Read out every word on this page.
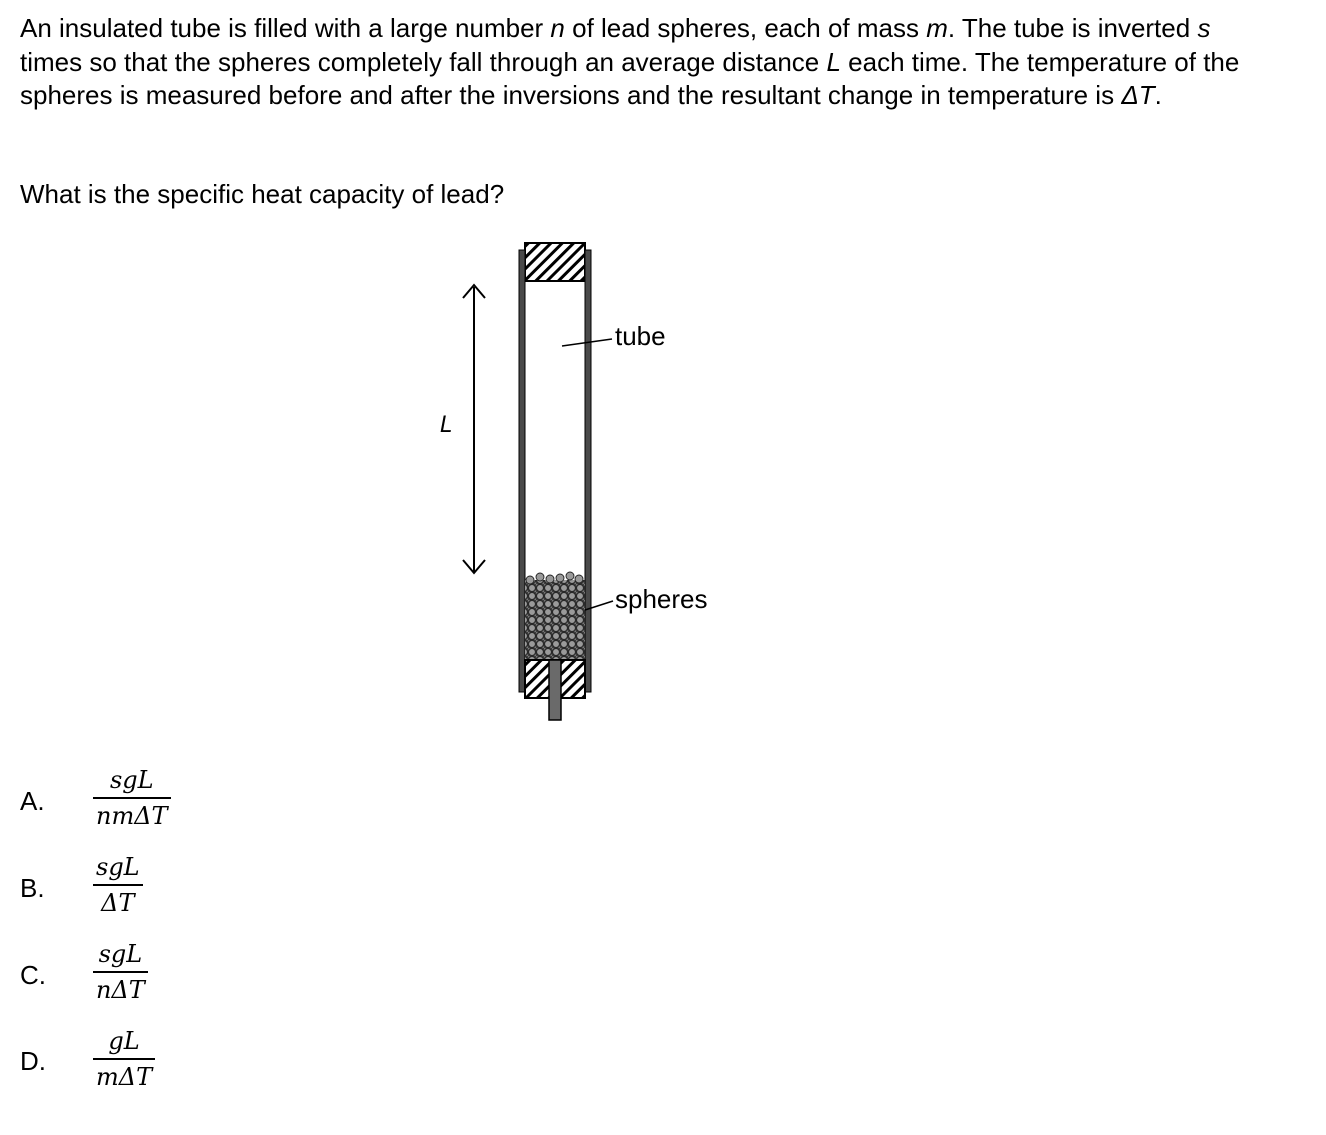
An insulated tube is filled with a large number n of lead spheres, each of mass m. The tube is inverted s times so that the spheres completely fall through an average distance L each time. The temperature of the spheres is measured before and after the inversions and the resultant change in temperature is ΔT.

What is the specific heat capacity of lead?

L
tube
spheres
A.
sgL
nmΔT
B.
sgL
ΔT
C.
sgL
nΔT
D.
gL
mΔT
